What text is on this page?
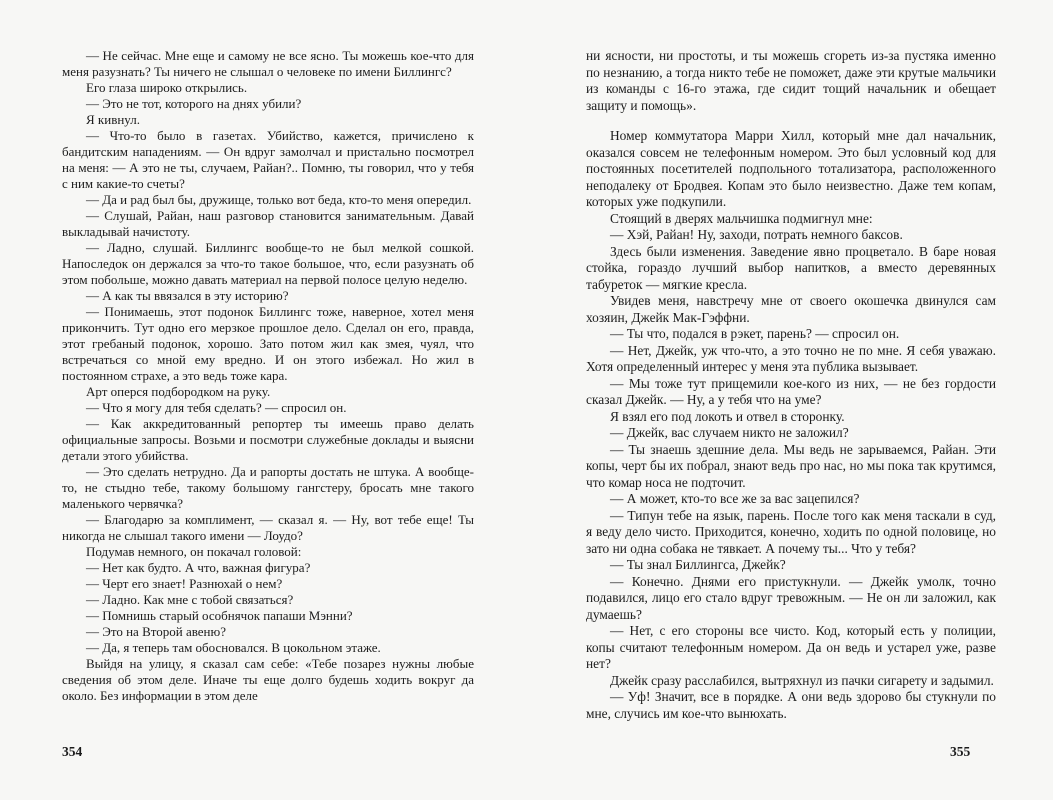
— Не сейчас. Мне еще и самому не все ясно. Ты можешь кое-что для меня разузнать? Ты ничего не слышал о человеке по имени Биллингс?

Его глаза широко открылись.

— Это не тот, которого на днях убили?

Я кивнул.

— Что-то было в газетах. Убийство, кажется, причислено к бандитским нападениям. — Он вдруг замолчал и пристально посмотрел на меня: — А это не ты, случаем, Райан?.. Помню, ты говорил, что у тебя с ним какие-то счеты?

— Да и рад был бы, дружище, только вот беда, кто-то меня опередил.

— Слушай, Райан, наш разговор становится занимательным. Давай выкладывай начистоту.

— Ладно, слушай. Биллингс вообще-то не был мелкой сошкой. Напоследок он держался за что-то такое большое, что, если разузнать об этом побольше, можно давать материал на первой полосе целую неделю.

— А как ты ввязался в эту историю?

— Понимаешь, этот подонок Биллингс тоже, наверное, хотел меня прикончить. Тут одно его мерзкое прошлое дело. Сделал он его, правда, этот гребаный подонок, хорошо. Зато потом жил как змея, чуял, что встречаться со мной ему вредно. И он этого избежал. Но жил в постоянном страхе, а это ведь тоже кара.

Арт оперся подбородком на руку.

— Что я могу для тебя сделать? — спросил он.

— Как аккредитованный репортер ты имеешь право делать официальные запросы. Возьми и посмотри служебные доклады и выясни детали этого убийства.

— Это сделать нетрудно. Да и рапорты достать не штука. А вообще-то, не стыдно тебе, такому большому гангстеру, бросать мне такого маленького червячка?

— Благодарю за комплимент, — сказал я. — Ну, вот тебе еще! Ты никогда не слышал такого имени — Лоудо?

Подумав немного, он покачал головой:

— Нет как будто. А что, важная фигура?

— Черт его знает! Разнюхай о нем?

— Ладно. Как мне с тобой связаться?

— Помнишь старый особнячок папаши Мэнни?

— Это на Второй авеню?

— Да, я теперь там обосновался. В цокольном этаже.

Выйдя на улицу, я сказал сам себе: «Тебе позарез нужны любые сведения об этом деле. Иначе ты еще долго будешь ходить вокруг да около. Без информации в этом деле

ни ясности, ни простоты, и ты можешь сгореть из-за пустяка именно по незнанию, а тогда никто тебе не поможет, даже эти крутые мальчики из команды с 16-го этажа, где сидит тощий начальник и обещает защиту и помощь».

Номер коммутатора Марри Хилл, который мне дал начальник, оказался совсем не телефонным номером. Это был условный код для постоянных посетителей подпольного тотализатора, расположенного неподалеку от Бродвея. Копам это было неизвестно. Даже тем копам, которых уже подкупили.

Стоящий в дверях мальчишка подмигнул мне:

— Хэй, Райан! Ну, заходи, потрать немного баксов.

Здесь были изменения. Заведение явно процветало. В баре новая стойка, гораздо лучший выбор напитков, а вместо деревянных табуреток — мягкие кресла.

Увидев меня, навстречу мне от своего окошечка двинулся сам хозяин, Джейк Мак-Гэффни.

— Ты что, подался в рэкет, парень? — спросил он.

— Нет, Джейк, уж что-что, а это точно не по мне. Я себя уважаю. Хотя определенный интерес у меня эта публика вызывает.

— Мы тоже тут прищемили кое-кого из них, — не без гордости сказал Джейк. — Ну, а у тебя что на уме?

Я взял его под локоть и отвел в сторонку.

— Джейк, вас случаем никто не заложил?

— Ты знаешь здешние дела. Мы ведь не зарываемся, Райан. Эти копы, черт бы их побрал, знают ведь про нас, но мы пока так крутимся, что комар носа не подточит.

— А может, кто-то все же за вас зацепился?

— Типун тебе на язык, парень. После того как меня таскали в суд, я веду дело чисто. Приходится, конечно, ходить по одной половице, но зато ни одна собака не тявкает. А почему ты... Что у тебя?

— Ты знал Биллингса, Джейк?

— Конечно. Днями его пристукнули. — Джейк умолк, точно подавился, лицо его стало вдруг тревожным. — Не он ли заложил, как думаешь?

— Нет, с его стороны все чисто. Код, который есть у полиции, копы считают телефонным номером. Да он ведь и устарел уже, разве нет?

Джейк сразу расслабился, вытряхнул из пачки сигарету и задымил.

— Уф! Значит, все в порядке. А они ведь здорово бы стукнули по мне, случись им кое-что вынюхать.

354	355
